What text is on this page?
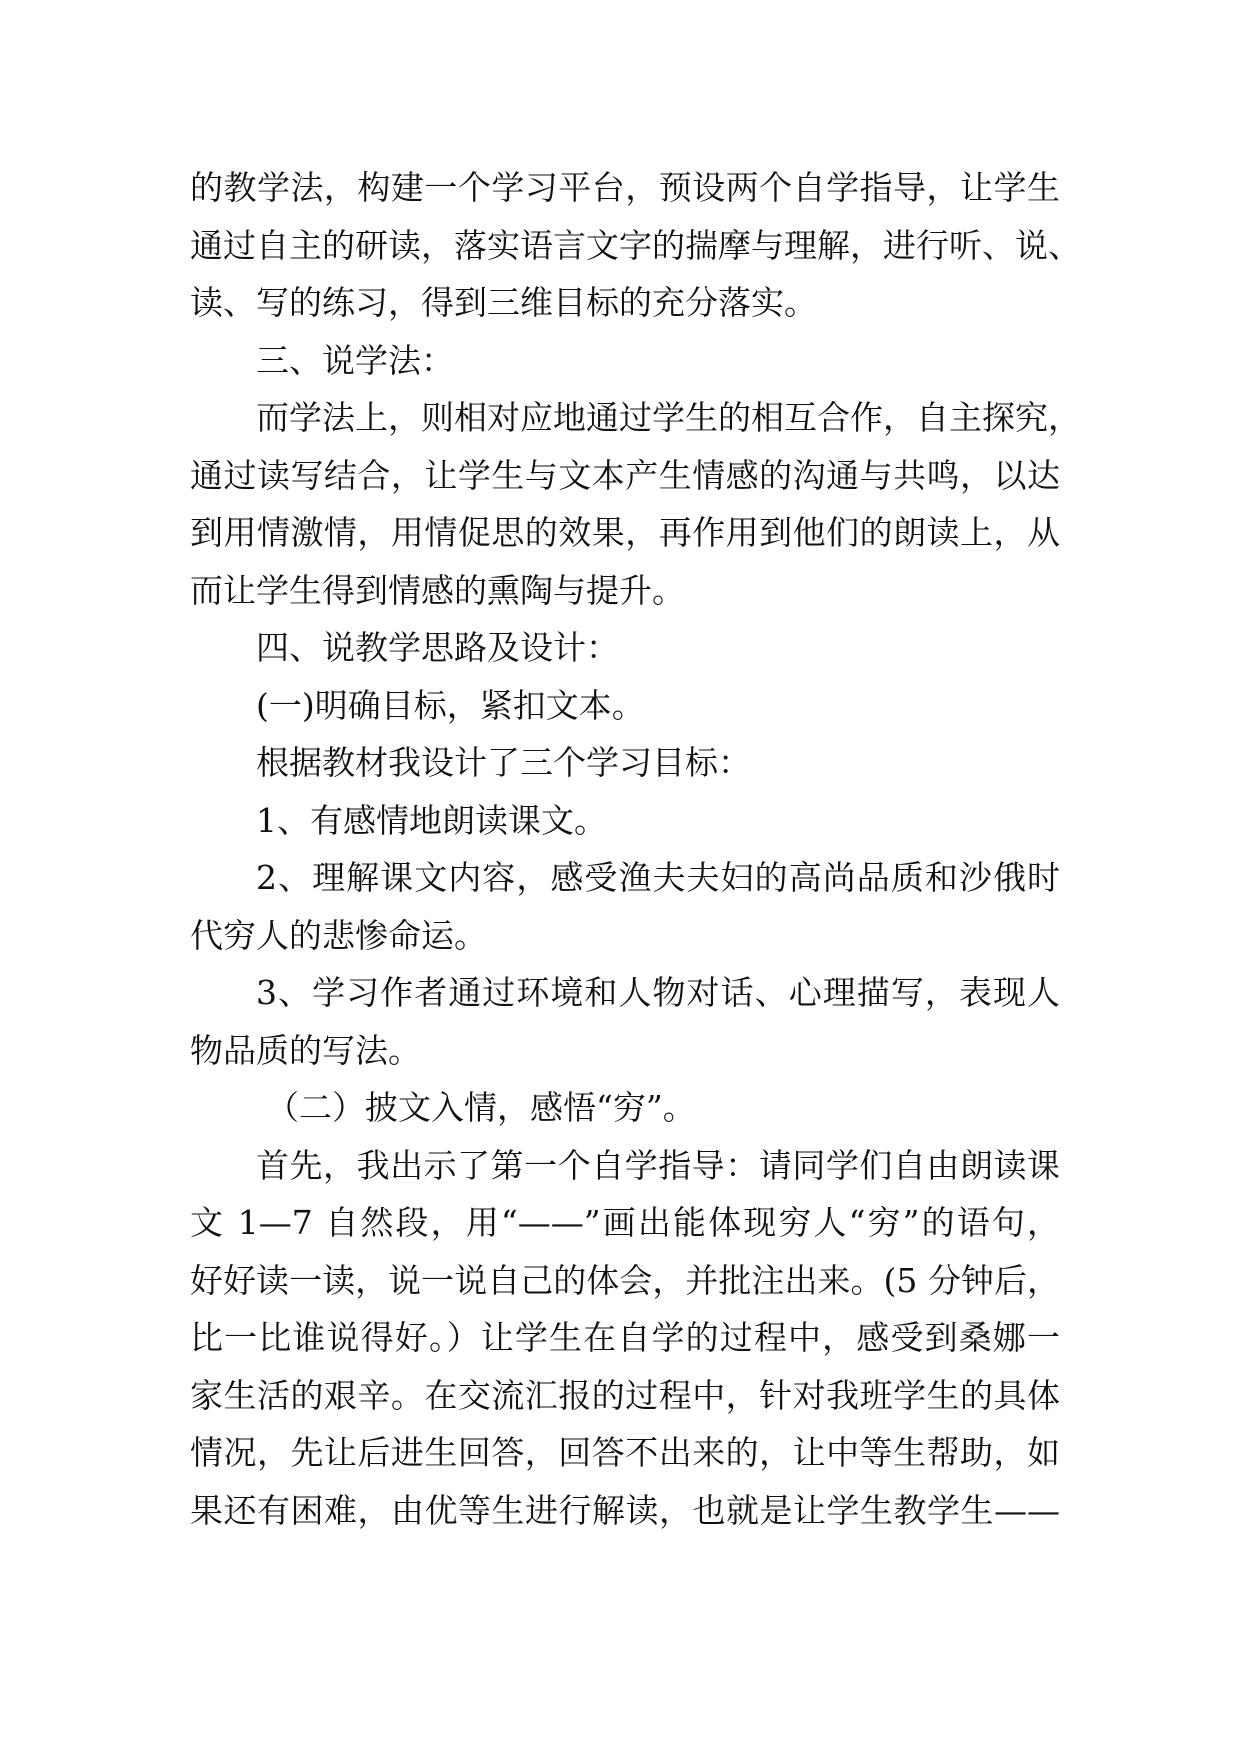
的教学法，构建一个学习平台，预设两个自学指导，让学生
通过自主的研读，落实语言文字的揣摩与理解，进行听、说、
读、写的练习，得到三维目标的充分落实。
三、说学法：
而学法上，则相对应地通过学生的相互合作，自主探究，
通过读写结合，让学生与文本产生情感的沟通与共鸣，以达
到用情激情，用情促思的效果，再作用到他们的朗读上，从
而让学生得到情感的熏陶与提升。
四、说教学思路及设计：
(一)明确目标，紧扣文本。
根据教材我设计了三个学习目标：
1、有感情地朗读课文。
2、理解课文内容，感受渔夫夫妇的高尚品质和沙俄时
代穷人的悲惨命运。
3、学习作者通过环境和人物对话、心理描写，表现人
物品质的写法。
（二）披文入情，感悟“穷”。
首先，我出示了第一个自学指导：请同学们自由朗读课
文 1—7 自然段，用“——”画出能体现穷人“穷”的语句，
好好读一读，说一说自己的体会，并批注出来。(5 分钟后，
比一比谁说得好。）让学生在自学的过程中，感受到桑娜一
家生活的艰辛。在交流汇报的过程中，针对我班学生的具体
情况，先让后进生回答，回答不出来的，让中等生帮助，如
果还有困难，由优等生进行解读，也就是让学生教学生——
